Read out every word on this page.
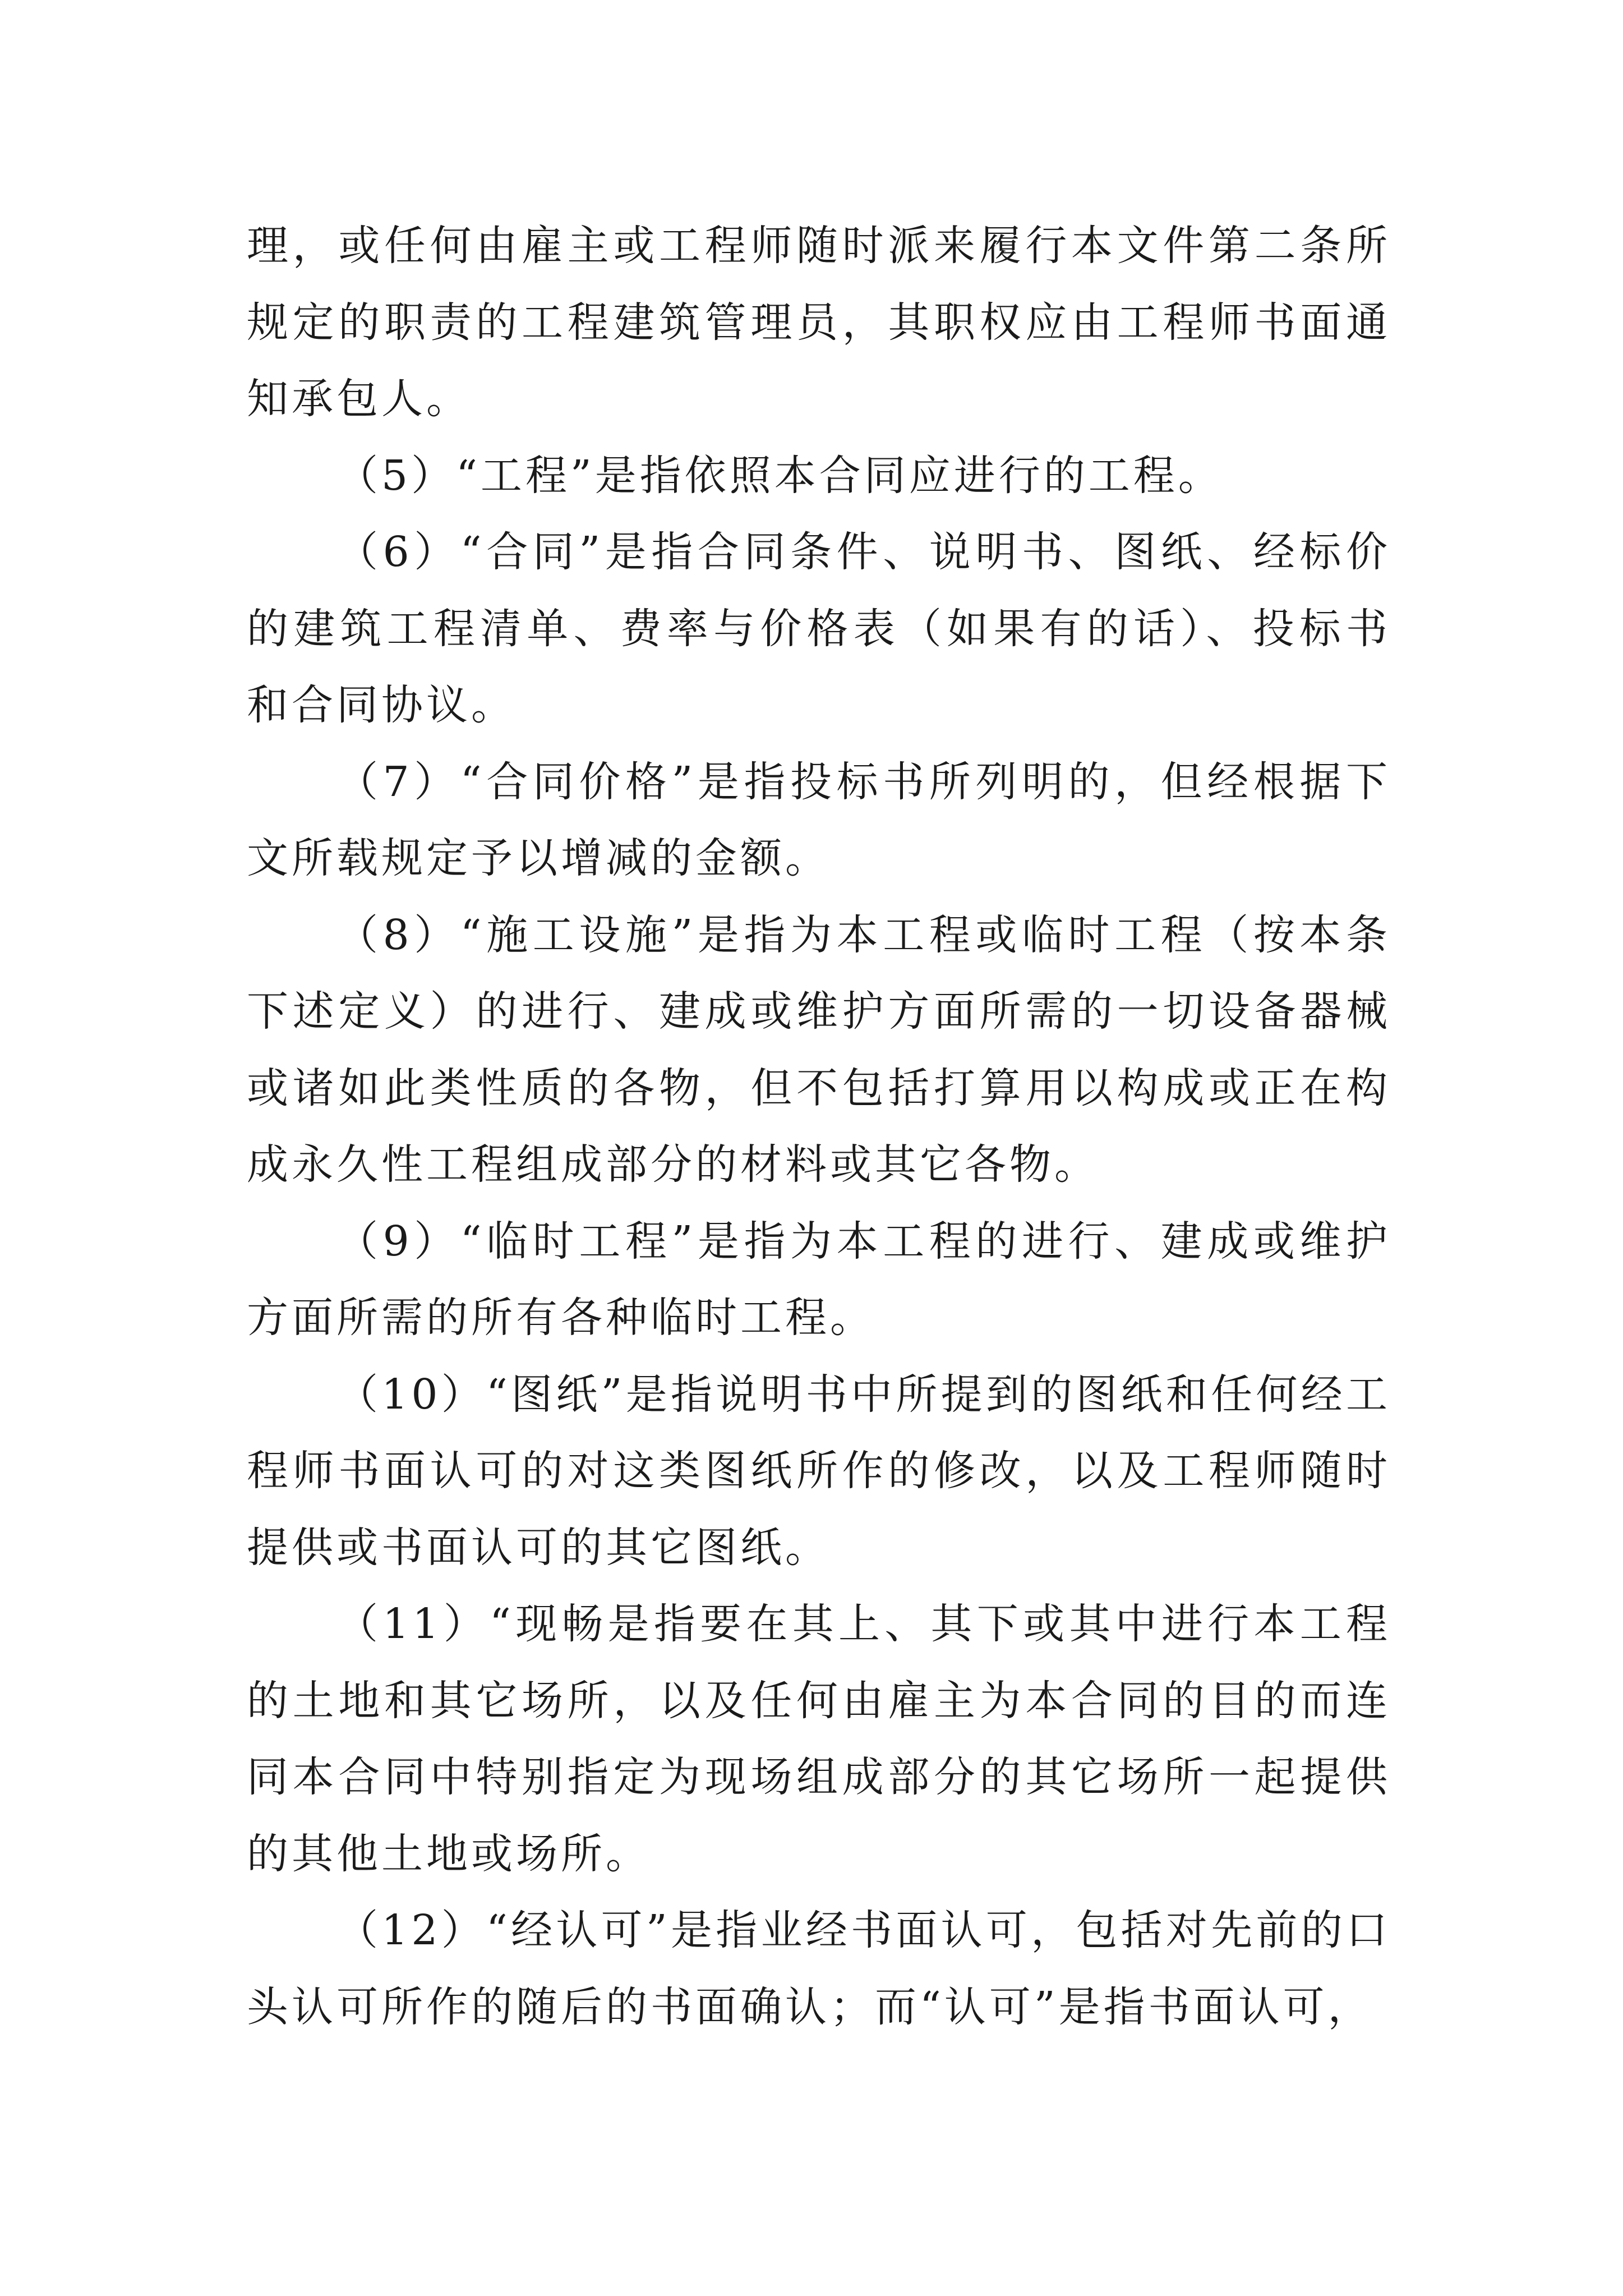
理，或任何由雇主或工程师随时派来履行本文件第二条所规定的职责的工程建筑管理员，其职权应由工程师书面通知承包人。

（5）“工程”是指依照本合同应进行的工程。

（6）“合同”是指合同条件、说明书、图纸、经标价的建筑工程清单、费率与价格表（如果有的话）、投标书和合同协议。

（7）“合同价格”是指投标书所列明的，但经根据下文所载规定予以增减的金额。

（8）“施工设施”是指为本工程或临时工程（按本条下述定义）的进行、建成或维护方面所需的一切设备器械或诸如此类性质的各物，但不包括打算用以构成或正在构成永久性工程组成部分的材料或其它各物。

（9）“临时工程”是指为本工程的进行、建成或维护方面所需的所有各种临时工程。

（10）“图纸”是指说明书中所提到的图纸和任何经工程师书面认可的对这类图纸所作的修改，以及工程师随时提供或书面认可的其它图纸。

（11）“现畅是指要在其上、其下或其中进行本工程的土地和其它场所，以及任何由雇主为本合同的目的而连同本合同中特别指定为现场组成部分的其它场所一起提供的其他土地或场所。

（12）“经认可”是指业经书面认可，包括对先前的口头认可所作的随后的书面确认；而“认可”是指书面认可，
